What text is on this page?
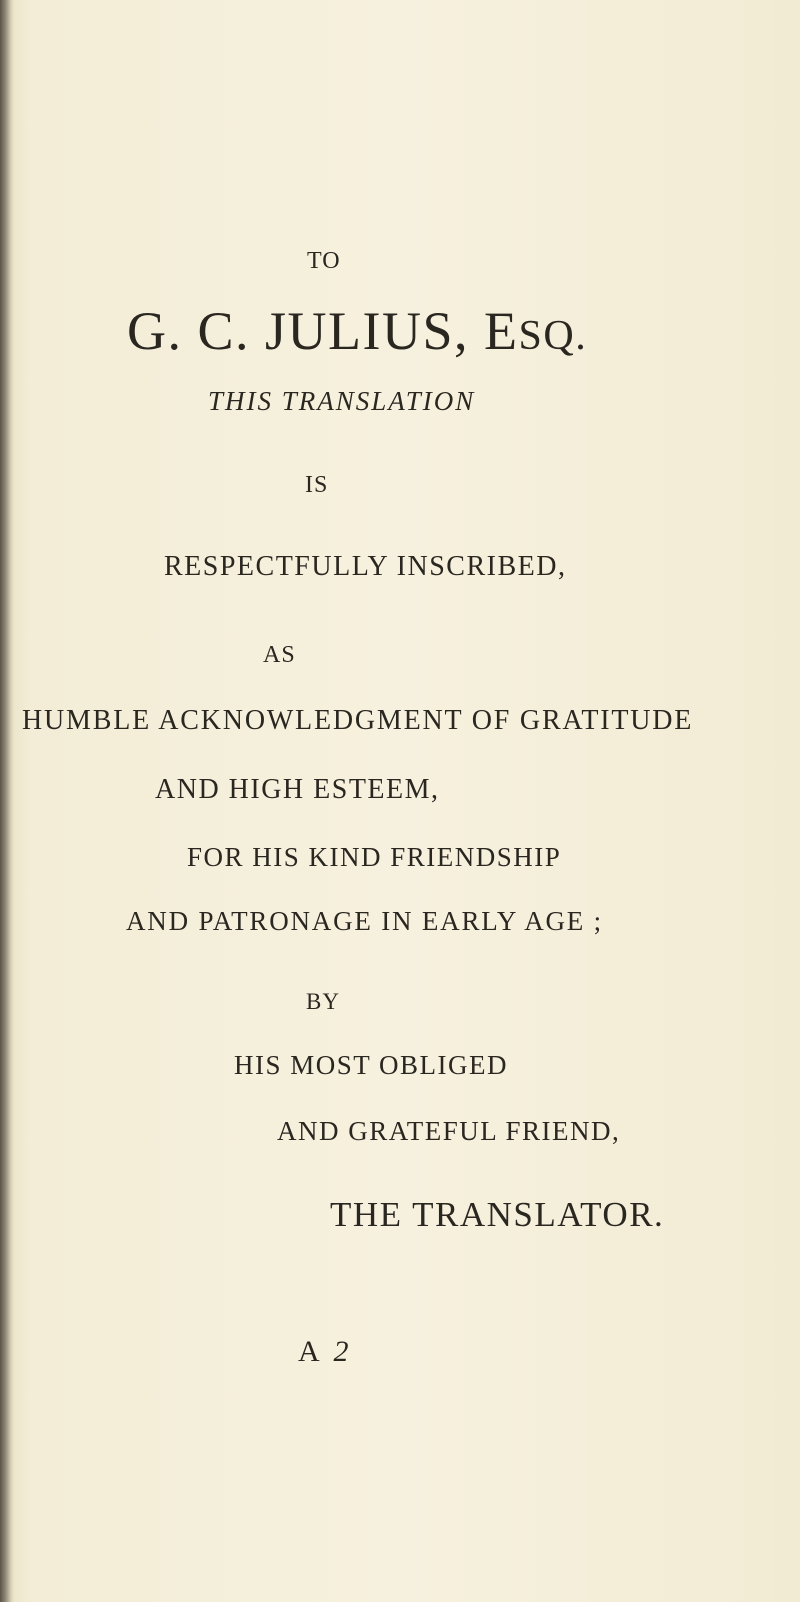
TO
G. C. JULIUS, ESQ.
THIS TRANSLATION
IS
RESPECTFULLY INSCRIBED,
AS
HUMBLE ACKNOWLEDGMENT OF GRATITUDE
AND HIGH ESTEEM,
FOR HIS KIND FRIENDSHIP
AND PATRONAGE IN EARLY AGE ;
BY
HIS MOST OBLIGED
AND GRATEFUL FRIEND,
THE TRANSLATOR.
A 2
